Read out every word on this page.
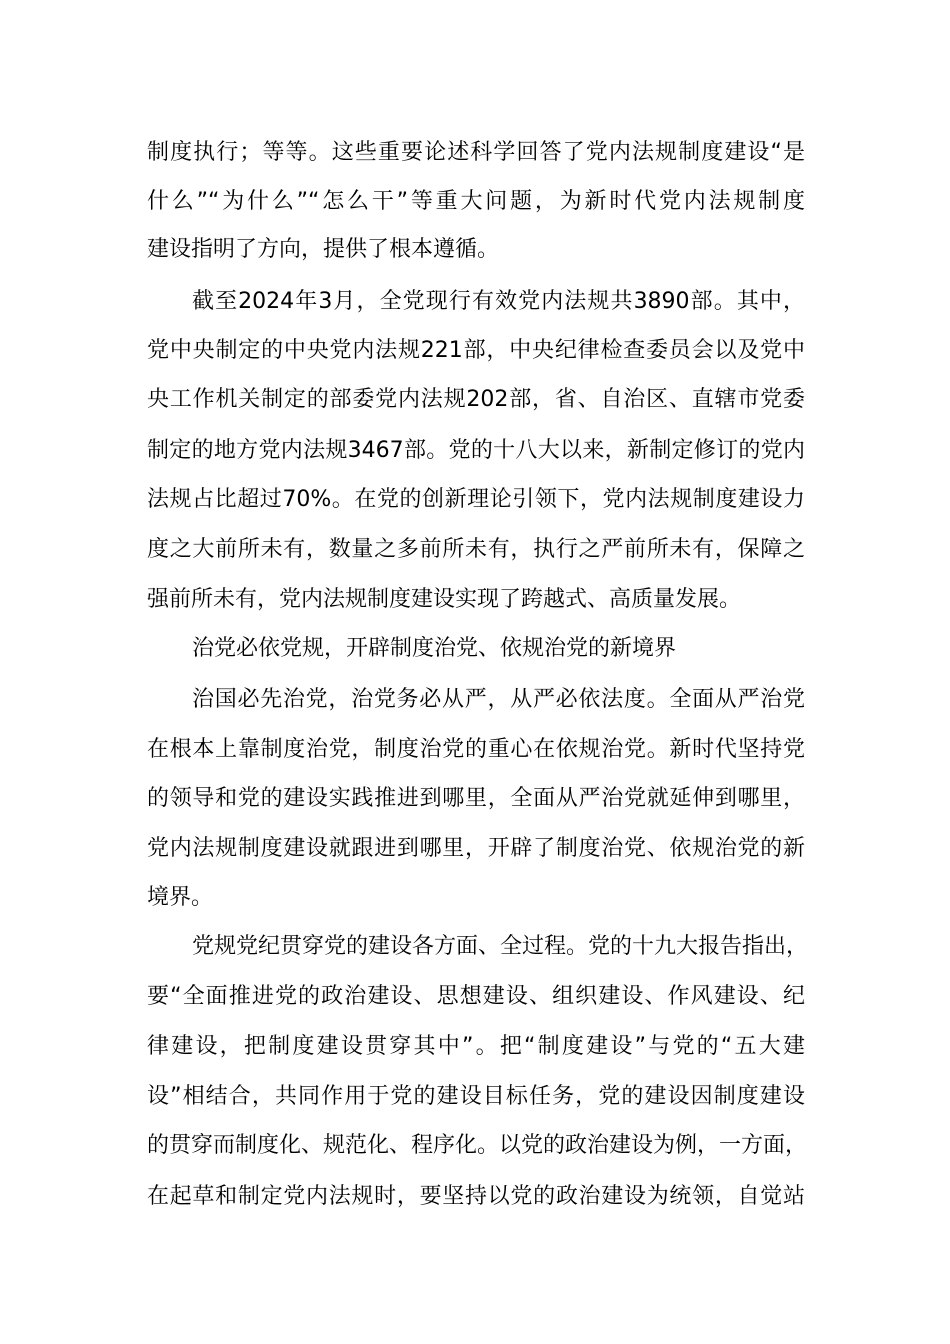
制度执行；等等。这些重要论述科学回答了党内法规制度建设“是
什么”“为什么”“怎么干”等重大问题，为新时代党内法规制度
建设指明了方向，提供了根本遵循。
截至2024年3月，全党现行有效党内法规共3890部。其中，
党中央制定的中央党内法规221部，中央纪律检查委员会以及党中
央工作机关制定的部委党内法规202部，省、自治区、直辖市党委
制定的地方党内法规3467部。党的十八大以来，新制定修订的党内
法规占比超过70%。在党的创新理论引领下，党内法规制度建设力
度之大前所未有，数量之多前所未有，执行之严前所未有，保障之
强前所未有，党内法规制度建设实现了跨越式、高质量发展。
治党必依党规，开辟制度治党、依规治党的新境界
治国必先治党，治党务必从严，从严必依法度。全面从严治党
在根本上靠制度治党，制度治党的重心在依规治党。新时代坚持党
的领导和党的建设实践推进到哪里，全面从严治党就延伸到哪里，
党内法规制度建设就跟进到哪里，开辟了制度治党、依规治党的新
境界。
党规党纪贯穿党的建设各方面、全过程。党的十九大报告指出，
要“全面推进党的政治建设、思想建设、组织建设、作风建设、纪
律建设，把制度建设贯穿其中”。把“制度建设”与党的“五大建
设”相结合，共同作用于党的建设目标任务，党的建设因制度建设
的贯穿而制度化、规范化、程序化。以党的政治建设为例，一方面，
在起草和制定党内法规时，要坚持以党的政治建设为统领，自觉站
